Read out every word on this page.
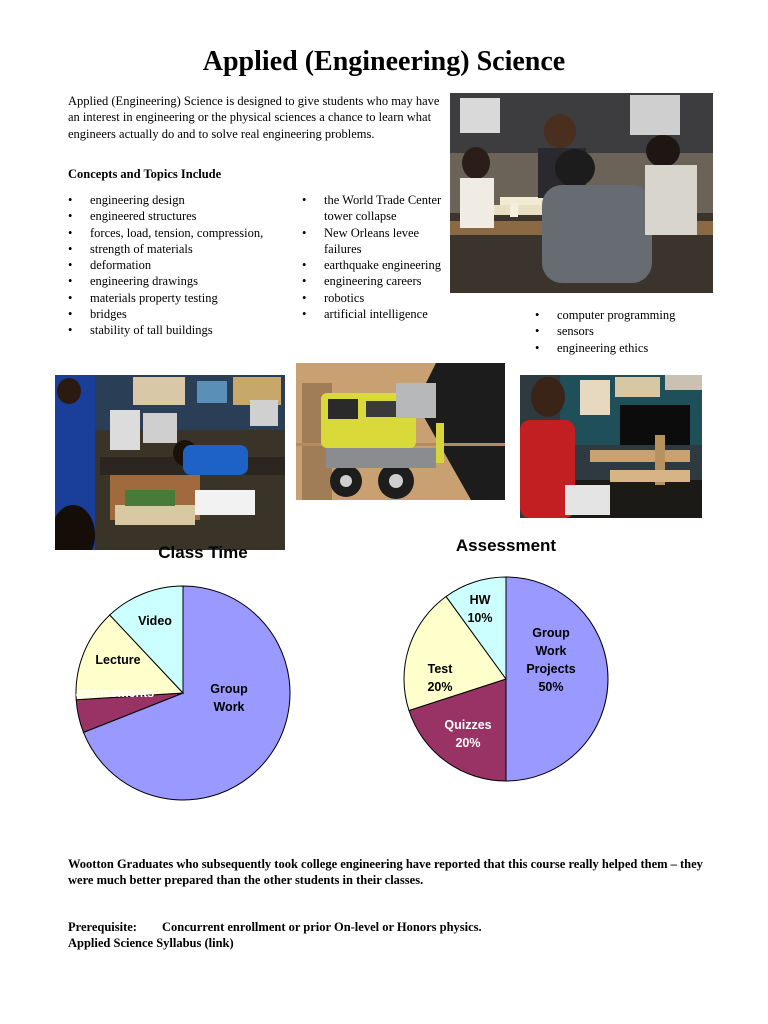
Applied (Engineering) Science

Applied (Engineering) Science is designed to give students who may have an interest in engineering or the physical sciences a chance to learn what engineers actually do and to solve real engineering problems.

Concepts and Topics Include

• engineering design
• engineered structures
• forces, load, tension, compression,
• strength of materials
• deformation
• engineering drawings
• materials property testing
• bridges
• stability of tall buildings
• the World Trade Center tower collapse
• New Orleans levee failures
• earthquake engineering
• engineering careers
• robotics
• artificial intelligence
•	computer programming
• sensors
• engineering ethics
Group Work
assessments
Lecture
Video
Class Time
Group Work Projects 50%
Quizzes 20%
Test 20%
HW 10%
Assessment

Wootton Graduates who subsequently took college engineering have reported that this course really helped them – they were much better prepared than the other students in their classes.

Prerequisite: Concurrent enrollment or prior On-level or Honors physics.

Applied Science Syllabus (link)
